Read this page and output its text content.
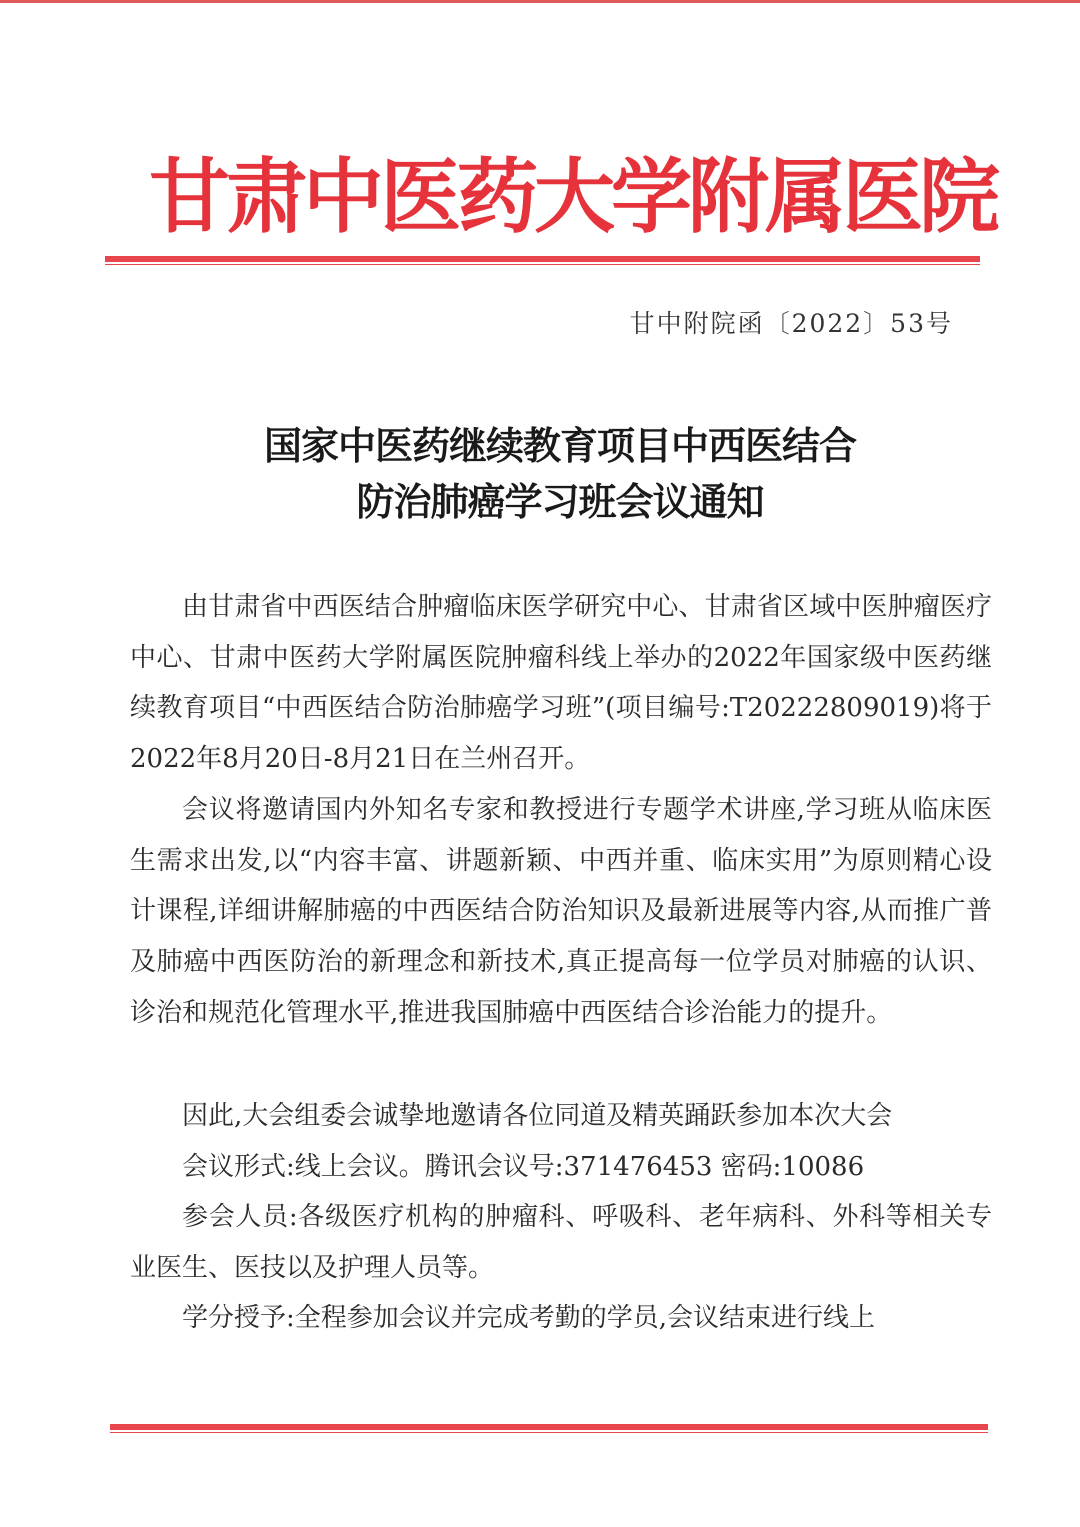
甘肃中医药大学附属医院
甘中附院函〔2022〕53号
国家中医药继续教育项目中西医结合
防治肺癌学习班会议通知

由甘肃省中西医结合肿瘤临床医学研究中心、甘肃省区域中医肿瘤医疗中心、甘肃中医药大学附属医院肿瘤科线上举办的2022年国家级中医药继续教育项目“中西医结合防治肺癌学习班”(项目编号:T20222809019)将于2022年8月20日-8月21日在兰州召开。

会议将邀请国内外知名专家和教授进行专题学术讲座,学习班从临床医生需求出发,以“内容丰富、讲题新颖、中西并重、临床实用”为原则精心设计课程,详细讲解肺癌的中西医结合防治知识及最新进展等内容,从而推广普及肺癌中西医防治的新理念和新技术,真正提高每一位学员对肺癌的认识、诊治和规范化管理水平,推进我国肺癌中西医结合诊治能力的提升。

因此,大会组委会诚挚地邀请各位同道及精英踊跃参加本次大会

会议形式:线上会议。腾讯会议号:371476453 密码:10086

参会人员:各级医疗机构的肿瘤科、呼吸科、老年病科、外科等相关专业医生、医技以及护理人员等。

学分授予:全程参加会议并完成考勤的学员,会议结束进行线上
